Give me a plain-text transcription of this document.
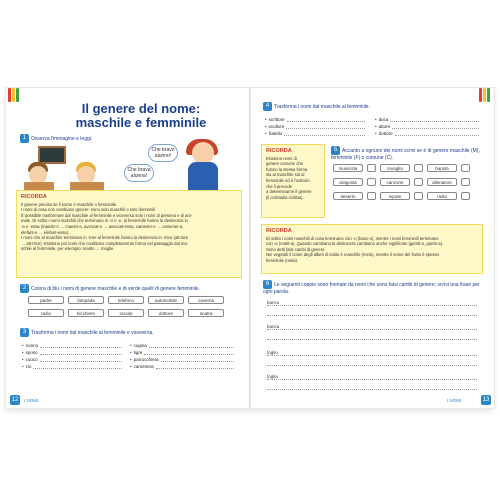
Il genere del nome:
maschile e femminile
1 Osserva l'immagine e leggi.
Che brava alunna!
Che bravo alunno!
RICORDA
Il genere precisa se il nome è maschile o femminile.
I nomi di cosa non cambiano genere: sono solo maschili o solo femminili.
È possibile trasformare dal maschile al femminile e viceversa solo i nomi di persona e di ani-
male. Di solito i nomi maschili che terminano in -o o -e, al femminile hanno la desinenza in
-a o -essa (maestr-o → maestr-a, avvocat-o → avvocat-essa, camerier-e → camerier-a,
elefant-e → elefant-essa).
I nomi che al maschile terminano in -tore al femminile hanno la desinenza in -trice (att-tore
→ att-trice). Esistono poi nomi che cambiano completamente forma nel passaggio dal ma-
schile al femminile, per esempio: marito → moglie.
2 Colora di blu i nomi di genere maschile e di verde quelli di genere femminile.
padre	lampada	telefono	automobile	caverna
radio	bicchiere	scuola	dottore	anatra
3 Trasforma i nomi dal maschile al femminile e viceversa.
• nonno
• sposo
• cuoco
• zio
• cugina
• tigre
• parrucchiera
• cameriera
12	I NOMI
4 Trasforma i nomi dal maschile al femminile.
• scrittore
• scultore
• fratello
• duca
• attore
• dottore
RICORDA
Esistono nomi di
genere comune che
hanno la stessa forma
sia al maschile sia al
femminile ed è l'articolo
che li precede
a determinarne il genere
(il ciclista/la ciclista).
5 Accanto a ognuno dei nomi scrivi se è di genere maschile (M), femminile (F) o comune (C).
musicista	tovaglia	barista
aragosta	canzone	allenatore
deserto	nipote	radio
RICORDA
Di solito i nomi maschili di cosa terminano con -o (banc-o), mentre i nomi femminili terminano
con -a (matit-a). Quando cambiano la desinenza cambiano anche significato (gamb-o, gamb-a).
Sono detti falsi cambi di genere.
Nei vegetali il nome degli alberi di solito è maschile (melo), mentre il nome del frutto è spesso
femminile (mela).
6 Le seguenti coppie sono formate da nomi che sono falsi cambi di genere; scrivi una frase per ogni parola.
banco
banca
foglio
foglia
I NOMI	13
